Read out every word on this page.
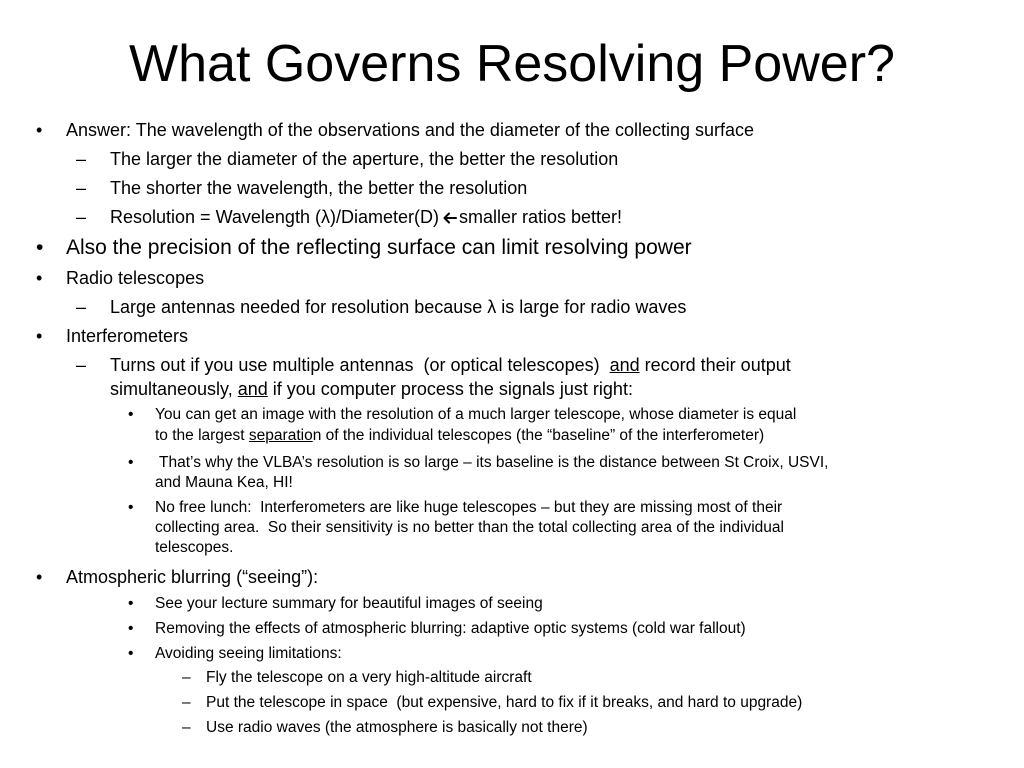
What Governs Resolving Power?
• Answer: The wavelength of the observations and the diameter of the collecting surface
– The larger the diameter of the aperture, the better the resolution
– The shorter the wavelength, the better the resolution
– Resolution = Wavelength (λ)/Diameter(D) smaller ratios better!
• Also the precision of the reflecting surface can limit resolving power
• Radio telescopes
– Large antennas needed for resolution because λ is large for radio waves
• Interferometers
– Turns out if you use multiple antennas  (or optical telescopes)  and record their output
simultaneously, and if you computer process the signals just right:
• You can get an image with the resolution of a much larger telescope, whose diameter is equal
to the largest separation of the individual telescopes (the “baseline” of the interferometer)
• That’s why the VLBA’s resolution is so large – its baseline is the distance between St Croix, USVI,
and Mauna Kea, HI!
• No free lunch:  Interferometers are like huge telescopes – but they are missing most of their
collecting area.  So their sensitivity is no better than the total collecting area of the individual
telescopes.
• Atmospheric blurring (“seeing”):
• See your lecture summary for beautiful images of seeing
• Removing the effects of atmospheric blurring: adaptive optic systems (cold war fallout)
• Avoiding seeing limitations:
– Fly the telescope on a very high-altitude aircraft
– Put the telescope in space  (but expensive, hard to fix if it breaks, and hard to upgrade)
– Use radio waves (the atmosphere is basically not there)
